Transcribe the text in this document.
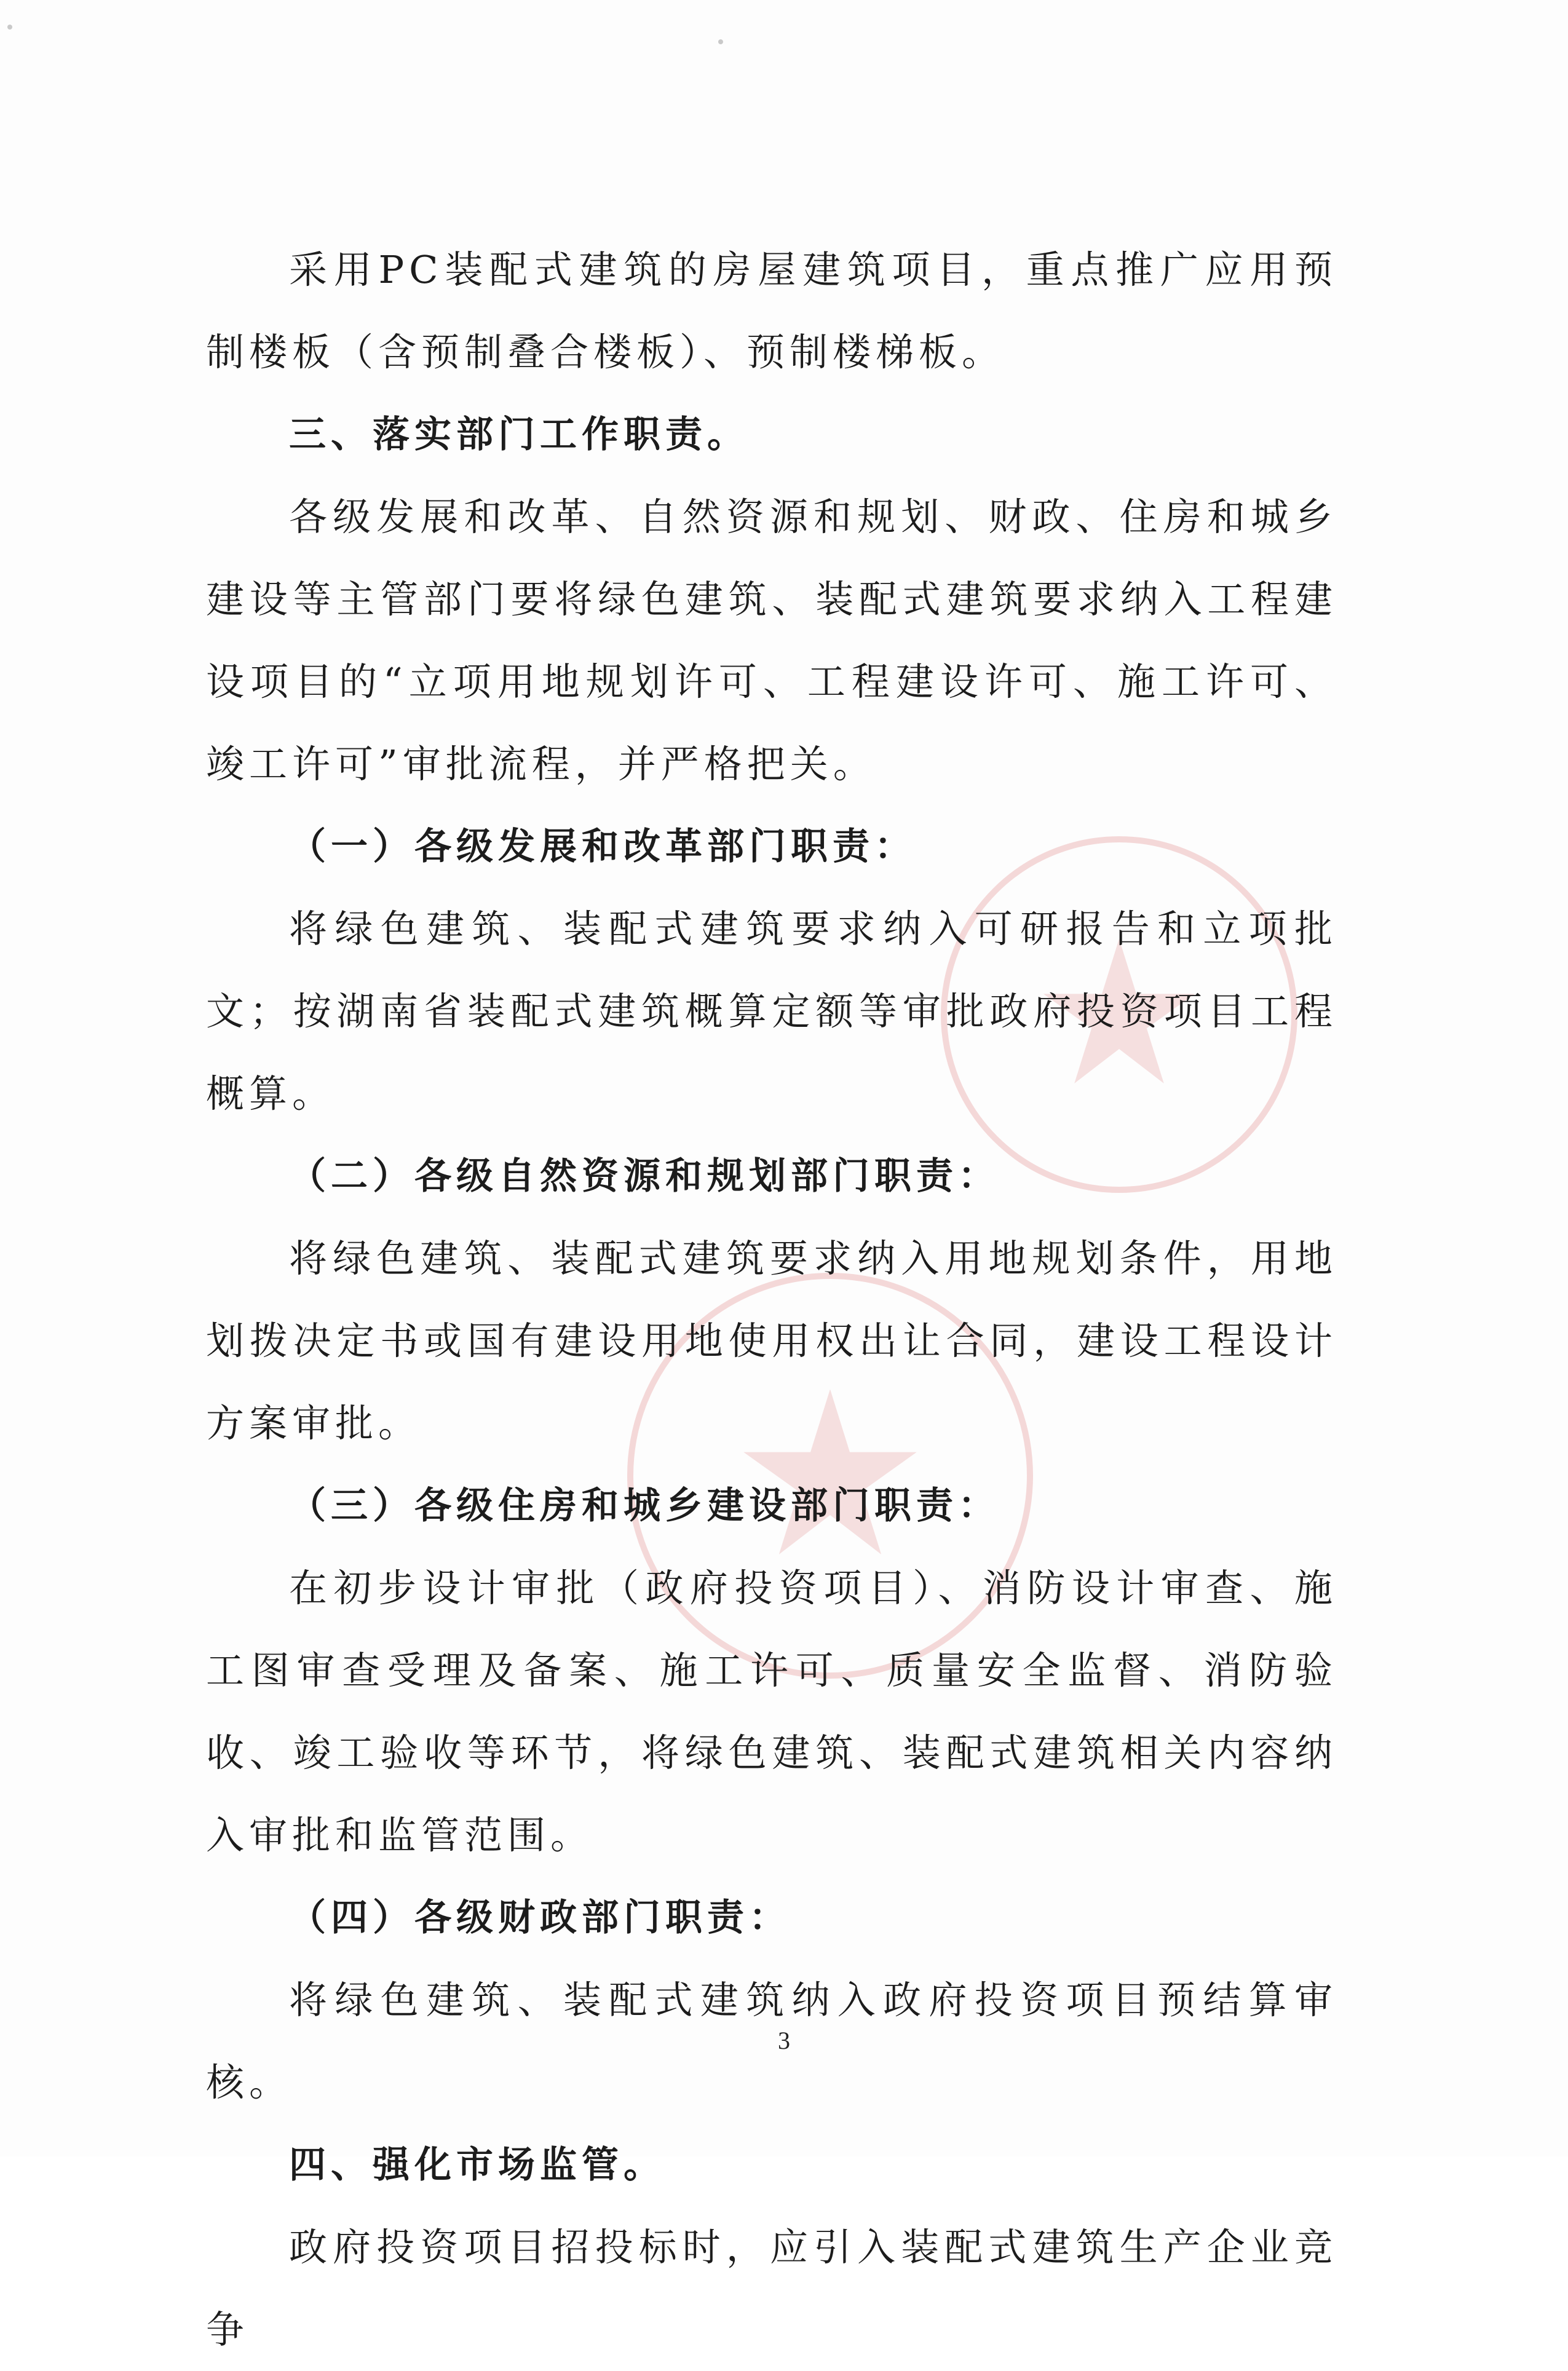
采用PC装配式建筑的房屋建筑项目，重点推广应用预制楼板（含预制叠合楼板）、预制楼梯板。

三、落实部门工作职责。

各级发展和改革、自然资源和规划、财政、住房和城乡建设等主管部门要将绿色建筑、装配式建筑要求纳入工程建设项目的“立项用地规划许可、工程建设许可、施工许可、竣工许可”审批流程，并严格把关。

（一）各级发展和改革部门职责：

将绿色建筑、装配式建筑要求纳入可研报告和立项批文；按湖南省装配式建筑概算定额等审批政府投资项目工程概算。

（二）各级自然资源和规划部门职责：

将绿色建筑、装配式建筑要求纳入用地规划条件，用地划拨决定书或国有建设用地使用权出让合同，建设工程设计方案审批。

（三）各级住房和城乡建设部门职责：

在初步设计审批（政府投资项目）、消防设计审查、施工图审查受理及备案、施工许可、质量安全监督、消防验收、竣工验收等环节，将绿色建筑、装配式建筑相关内容纳入审批和监管范围。

（四）各级财政部门职责：

将绿色建筑、装配式建筑纳入政府投资项目预结算审核。

四、强化市场监管。

政府投资项目招投标时，应引入装配式建筑生产企业竞争

3
